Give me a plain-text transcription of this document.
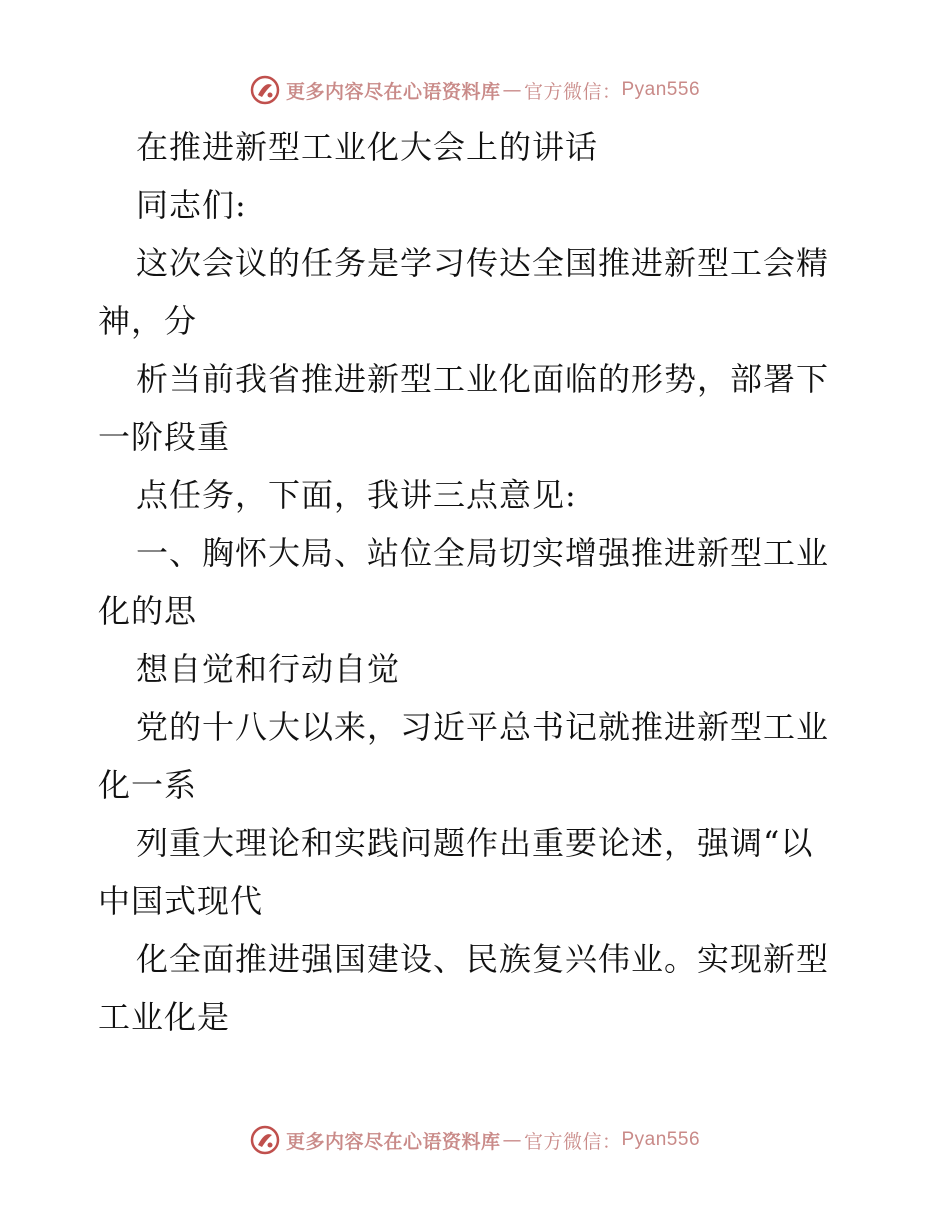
更多内容尽在心语资料库 — 官方微信： Pyan556
在推进新型工业化大会上的讲话
同志们:
这次会议的任务是学习传达全国推进新型工会精
神，分
析当前我省推进新型工业化面临的形势，部署下
一阶段重
点任务，下面，我讲三点意见:
一、胸怀大局、站位全局切实增强推进新型工业
化的思
想自觉和行动自觉
党的十八大以来，习近平总书记就推进新型工业
化一系
列重大理论和实践问题作出重要论述，强调“以
中国式现代
化全面推进强国建设、民族复兴伟业。实现新型
工业化是
更多内容尽在心语资料库 — 官方微信： Pyan556
